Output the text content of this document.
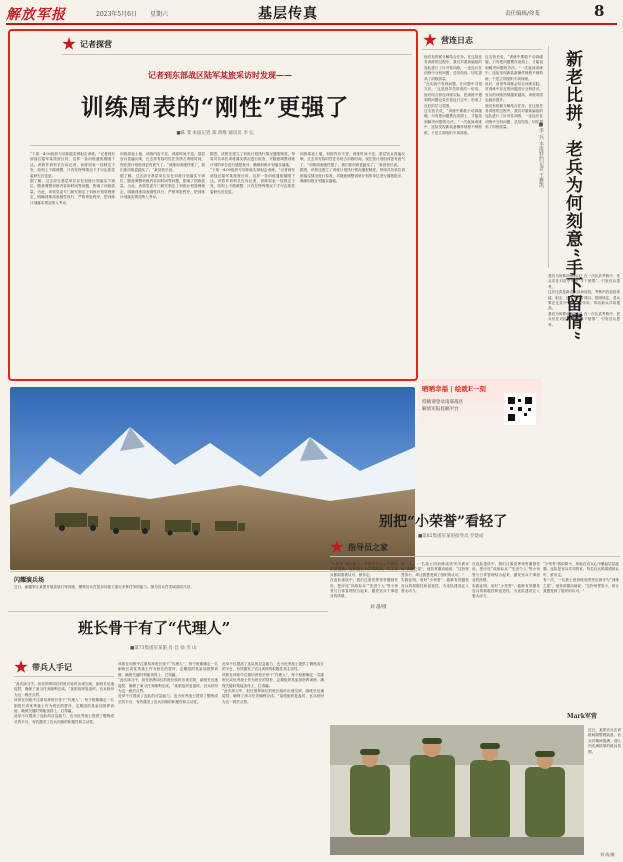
解放军报	2023年5月6日 星期六	基层传真	责任编辑/徐斐	8
记者探营
记者到东部战区陆军某旅采访时发现——
训练周表的“刚性”更强了
■陈 斐 本报记者 郑 鸿维 通讯员 李 弘

“下周一4:00组织专项体能实弹射击训练。”记者到东部战区陆军某旅营区时，这样一条训练通知刚刚下达。该旅作训科长告诉记者，训练周表一经制定下发，原则上不做调整，只有在特殊情况下才可由旅党委研究后变更。

据了解，过去部分基层单位存在训练计划落实不到位、随意调整训练内容和时间等问题，影响了训练质量。为此，该旅党委专门研究制定了训练计划管理规定，明确训练周表刚性执行，严格审批程序，把训练计划落实情况纳入考评。

训练周表上墙，训练内容不变，训练时间不变。基层官兵普遍反映，过去常有临时性任务挤占训练时间，现在按计划组训更有底气了。“训练周表刚性强了，我们抓训练更踏实了。”某营营长说。

据了解，过去部分基层单位存在训练计划落实不到位、随意调整训练内容和时间等问题，影响了训练质量。为此，该旅党委专门研究制定了训练计划管理规定，明确训练周表刚性执行，严格审批程序，把训练计划落实情况纳入考评。

据悉，该旅还建立了训练计划执行情况通报制度，每周对各单位训练落实情况进行检查，对随意调整训练计划的单位进行通报批评，确保训练计划落实落地。

“下周一4:00组织专项体能实弹射击训练。”记者到东部战区陆军某旅营区时，这样一条训练通知刚刚下达。该旅作训科长告诉记者，训练周表一经制定下发，原则上不做调整，只有在特殊情况下才可由旅党委研究后变更。

训练周表上墙，训练内容不变，训练时间不变。基层官兵普遍反映，过去常有临时性任务挤占训练时间，现在按计划组训更有底气了。“训练周表刚性强了，我们抓训练更踏实了。”某营营长说。

据悉，该旅还建立了训练计划执行情况通报制度，每周对各单位训练落实情况进行检查，对随意调整训练计划的单位进行通报批评，确保训练计划落实落地。

营连日志

他们有时候分解结合任务。在这组任务训练的过程中，我们对重新编组的连队进行了针对性训练，一连连长在训练中分析问题、总结经验，切实提高了训练质量。

“在实践中发现问题，在问题中寻找方法。”这是指导员常说的一句话。他们结合营连训练实际，把训练中遇到的问题记录在营连日志中，形成了良好的学习氛围。

这名营长说，“训练中要敢于动真碰硬，只有把问题摆在桌面上，才能找到解决问题的办法。”一次夜间训练中，连队发现新装备操作规程不够熟练，于是立即组织专项训练。

这名营长说，“训练中要敢于动真碰硬，只有把问题摆在桌面上，才能找到解决问题的办法。”一次夜间训练中，连队发现新装备操作规程不够熟练，于是立即组织专项训练。

此后，营里每周都会结合训练实际，对训练中存在的问题进行分析讲评，官兵的训练热情越来越高，训练成绩也稳步提升。

他们有时候分解结合任务。在这组任务训练的过程中，我们对重新编组的连队进行了针对性训练，一连连长在训练中分析问题、总结经验，切实提高了训练质量。	新老比拼，老兵为何刻意“手下留情”
■李 兵 本报特约记者 王雅凯

我们为何要训练新兵？在一次比武考核中，老兵们在对抗中刻意“手下留情”，引发官兵思考。

这次比武是新老兵同场竞技，考核内容包括体能、射击、战术等多个课目。按照规定，老兵要在比武中发挥示范作用，带动新兵共同提高。

我们为何要训练新兵？在一次比武考核中，老兵们在对抗中刻意“手下留情”，引发官兵思考。

晒晒幸福 | 绘就E一刻
投稿请登录南部战区
解放军报投稿平台
闪耀演兵场
近日，新疆军区某团开展高原行军训练，锤炼官兵在复杂环境下遂行多种任务的能力。图为官兵在雪域高原开进。
刘 越/摄
别把“小荣誉”看轻了
■第82集团军某团指导员 罗建成
指导员之家

“小荣誉”看似微小，却能在官兵心中激起层层涟漪。连队是官兵共同的家，每名官兵都渴望被认可、被肯定。

在连队建设中，我们注重发挥荣誉激励作用，把评选“训练标兵”“先进个人”等小荣誉与日常管理结合起来，激发官兵干事创业的热情。

有一次，一名战士因训练成绩突出被评为“训练之星”，他非常激动地说：“这份荣誉虽小，却让我感受到了组织的认可。”

实践证明，用好“小荣誉”，能够有效激发官兵的积极性和创造性，为连队建设注入强大动力。

在连队建设中，我们注重发挥荣誉激励作用，把评选“训练标兵”“先进个人”等小荣誉与日常管理结合起来，激发官兵干事创业的热情。

实践证明，用好“小荣誉”，能够有效激发官兵的积极性和创造性，为连队建设注入强大动力。

“小荣誉”看似微小，却能在官兵心中激起层层涟漪。连队是官兵共同的家，每名官兵都渴望被认可、被肯定。

有一次，一名战士因训练成绩突出被评为“训练之星”，他非常激动地说：“这份荣誉虽小，却让我感受到了组织的认可。”

班长骨干有了“代理人”
■第73集团军某旅 肖 佳 徐 雪 山
带兵人手记

“此次演习中，担任指挥岗位的班长临时出现空缺，副班长迅速接替，确保了演习任务顺利完成。”某旅组织复盘时，官兵纷纷为这一做法点赞。

该旅在训练中注重培养班长骨干“代理人”，每个班都确定一名副班长或优秀战士作为班长的替补，定期组织其参加指挥训练，确保关键时刻能顶得上、打得赢。

此举不仅提高了连队的应急能力，也为优秀战士提供了锻炼成长的平台，有效激发了官兵训练的积极性和主动性。

该旅在训练中注重培养班长骨干“代理人”，每个班都确定一名副班长或优秀战士作为班长的替补，定期组织其参加指挥训练，确保关键时刻能顶得上、打得赢。

“此次演习中，担任指挥岗位的班长临时出现空缺，副班长迅速接替，确保了演习任务顺利完成。”某旅组织复盘时，官兵纷纷为这一做法点赞。

此举不仅提高了连队的应急能力，也为优秀战士提供了锻炼成长的平台，有效激发了官兵训练的积极性和主动性。

此举不仅提高了连队的应急能力，也为优秀战士提供了锻炼成长的平台，有效激发了官兵训练的积极性和主动性。

该旅在训练中注重培养班长骨干“代理人”，每个班都确定一名副班长或优秀战士作为班长的替补，定期组织其参加指挥训练，确保关键时刻能顶得上、打得赢。

“此次演习中，担任指挥岗位的班长临时出现空缺，副班长迅速接替，确保了演习任务顺利完成。”某旅组织复盘时，官兵纷纷为这一做法点赞。

Mark军营
近日，某旅官兵在训练间隙整理装备，官兵们精神饱满，营区内充满浓厚的练兵氛围。
刘 萌/摄
